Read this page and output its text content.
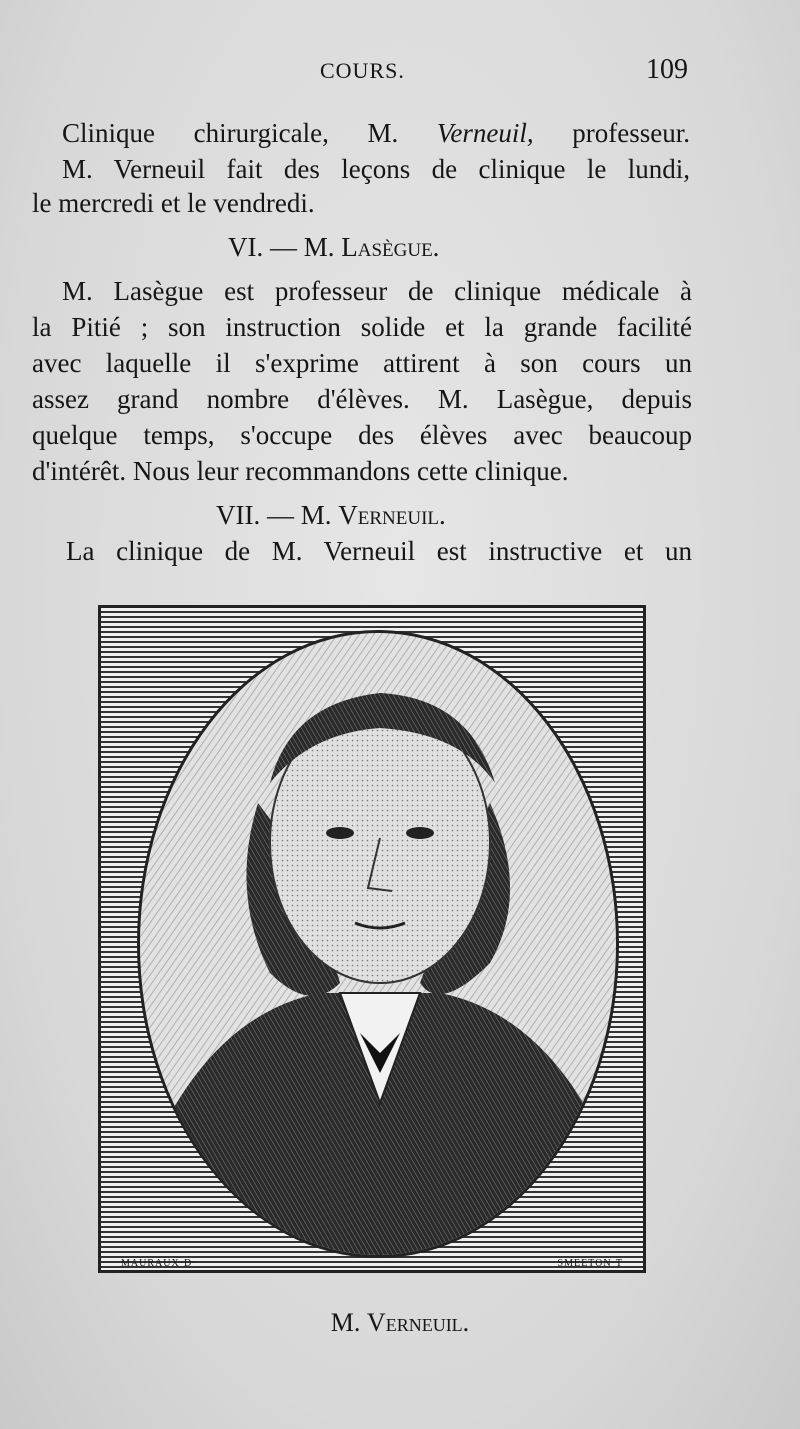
COURS.	109
Clinique chirurgicale, M. Verneuil, professeur.
M. Verneuil fait des leçons de clinique le lundi,
le mercredi et le vendredi.
VI. — M. Lasègue.
M. Lasègue est professeur de clinique médicale à
la Pitié ; son instruction solide et la grande facilité
avec laquelle il s'exprime attirent à son cours un
assez grand nombre d'élèves. M. Lasègue, depuis
quelque temps, s'occupe des élèves avec beaucoup
d'intérêt. Nous leur recommandons cette clinique.
VII. — M. Verneuil.
La clinique de M. Verneuil est instructive et un
MAURAUX·D·	SMEETON·T
M. Verneuil.
